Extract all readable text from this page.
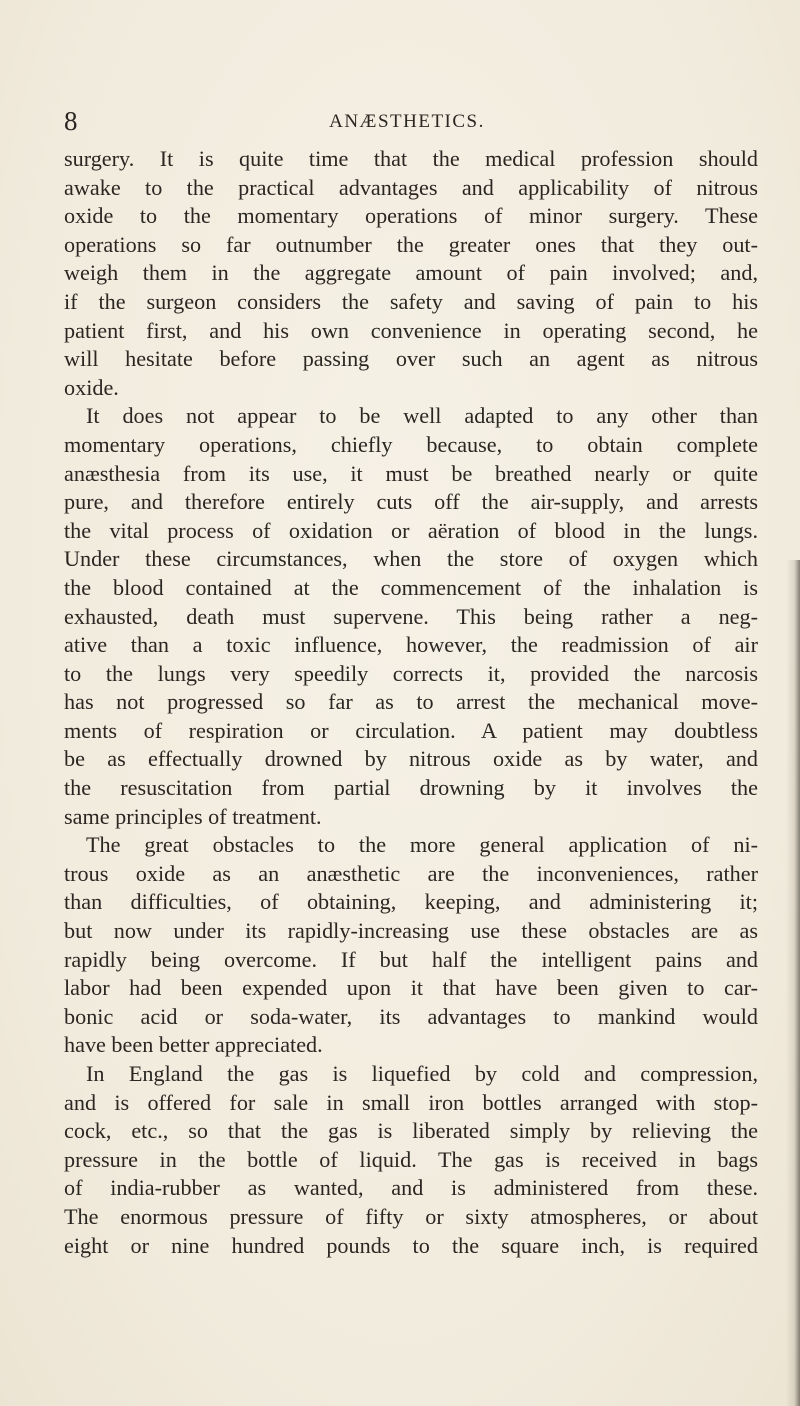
8	ANÆSTHETICS.
surgery. It is quite time that the medical profession should
awake to the practical advantages and applicability of nitrous
oxide to the momentary operations of minor surgery. These
operations so far outnumber the greater ones that they out-
weigh them in the aggregate amount of pain involved; and,
if the surgeon considers the safety and saving of pain to his
patient first, and his own convenience in operating second, he
will hesitate before passing over such an agent as nitrous
oxide.
It does not appear to be well adapted to any other than
momentary operations, chiefly because, to obtain complete
anæsthesia from its use, it must be breathed nearly or quite
pure, and therefore entirely cuts off the air-supply, and arrests
the vital process of oxidation or aëration of blood in the lungs.
Under these circumstances, when the store of oxygen which
the blood contained at the commencement of the inhalation is
exhausted, death must supervene. This being rather a neg-
ative than a toxic influence, however, the readmission of air
to the lungs very speedily corrects it, provided the narcosis
has not progressed so far as to arrest the mechanical move-
ments of respiration or circulation. A patient may doubtless
be as effectually drowned by nitrous oxide as by water, and
the resuscitation from partial drowning by it involves the
same principles of treatment.
The great obstacles to the more general application of ni-
trous oxide as an anæsthetic are the inconveniences, rather
than difficulties, of obtaining, keeping, and administering it;
but now under its rapidly-increasing use these obstacles are as
rapidly being overcome. If but half the intelligent pains and
labor had been expended upon it that have been given to car-
bonic acid or soda-water, its advantages to mankind would
have been better appreciated.
In England the gas is liquefied by cold and compression,
and is offered for sale in small iron bottles arranged with stop-
cock, etc., so that the gas is liberated simply by relieving the
pressure in the bottle of liquid. The gas is received in bags
of india-rubber as wanted, and is administered from these.
The enormous pressure of fifty or sixty atmospheres, or about
eight or nine hundred pounds to the square inch, is required
